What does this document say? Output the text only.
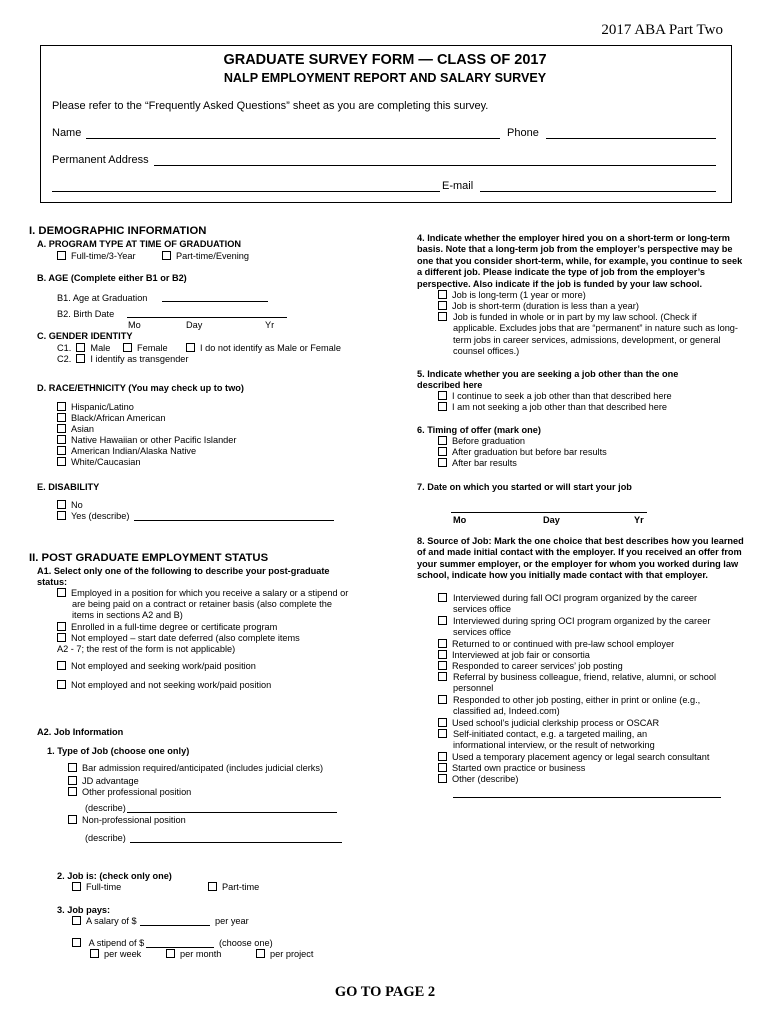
2017 ABA Part Two
GRADUATE SURVEY FORM — CLASS OF 2017
NALP EMPLOYMENT REPORT AND SALARY SURVEY
Please refer to the “Frequently Asked Questions” sheet as you are completing this survey.
Name	Phone
Permanent Address
E-mail
I. DEMOGRAPHIC INFORMATION
A. PROGRAM TYPE AT TIME OF GRADUATION
Full-time/3-Year	Part-time/Evening
B. AGE (Complete either B1 or B2)
B1. Age at Graduation
B2. Birth Date
Mo	Day	Yr
C. GENDER IDENTITY
C1. Male	Female	I do not identify as Male or Female
C2. I identify as transgender
D. RACE/ETHNICITY (You may check up to two)
Hispanic/Latino
Black/African American
Asian
Native Hawaiian or other Pacific Islander
American Indian/Alaska Native
White/Caucasian
E. DISABILITY
No
Yes (describe)
II. POST GRADUATE EMPLOYMENT STATUS
A1. Select only one of the following to describe your post-graduate
status:
Employed in a position for which you receive a salary or a stipend or
are being paid on a contract or retainer basis (also complete the
items in sections A2 and B)
Enrolled in a full-time degree or certificate program
Not employed – start date deferred (also complete items
A2 - 7; the rest of the form is not applicable)
Not employed and seeking work/paid position
Not employed and not seeking work/paid position
A2. Job Information
1. Type of Job (choose one only)
Bar admission required/anticipated (includes judicial clerks)
JD advantage
Other professional position
(describe)
Non-professional position
(describe)
2. Job is: (check only one)
Full-time	Part-time
3. Job pays:
A salary of $	per year
A stipend of $	(choose one)
per week	per month	per project
4. Indicate whether the employer hired you on a short-term or long-term basis. Note that a long-term job from the employer’s perspective may be one that you consider short-term, while, for example, you continue to seek a different job. Please indicate the type of job from the employer’s perspective. Also indicate if the job is funded by your law school.
Job is long-term (1 year or more)
Job is short-term (duration is less than a year)
Job is funded in whole or in part by my law school. (Check if applicable. Excludes jobs that are “permanent” in nature such as long-term jobs in career services, admissions, development, or general counsel offices.)
5. Indicate whether you are seeking a job other than the one described here
I continue to seek a job other than that described here
I am not seeking a job other than that described here
6. Timing of offer (mark one)
Before graduation
After graduation but before bar results
After bar results
7. Date on which you started or will start your job
Mo	Day	Yr
8. Source of Job: Mark the one choice that best describes how you learned of and made initial contact with the employer. If you received an offer from your summer employer, or the employer for whom you worked during law school, indicate how you initially made contact with that employer.
Interviewed during fall OCI program organized by the career services office
Interviewed during spring OCI program organized by the career services office
Returned to or continued with pre-law school employer
Interviewed at job fair or consortia
Responded to career services’ job posting
Referral by business colleague, friend, relative, alumni, or school personnel
Responded to other job posting, either in print or online (e.g., classified ad, Indeed.com)
Used school’s judicial clerkship process or OSCAR
Self-initiated contact, e.g. a targeted mailing, an informational interview, or the result of networking
Used a temporary placement agency or legal search consultant
Started own practice or business
Other (describe)
GO TO PAGE 2
